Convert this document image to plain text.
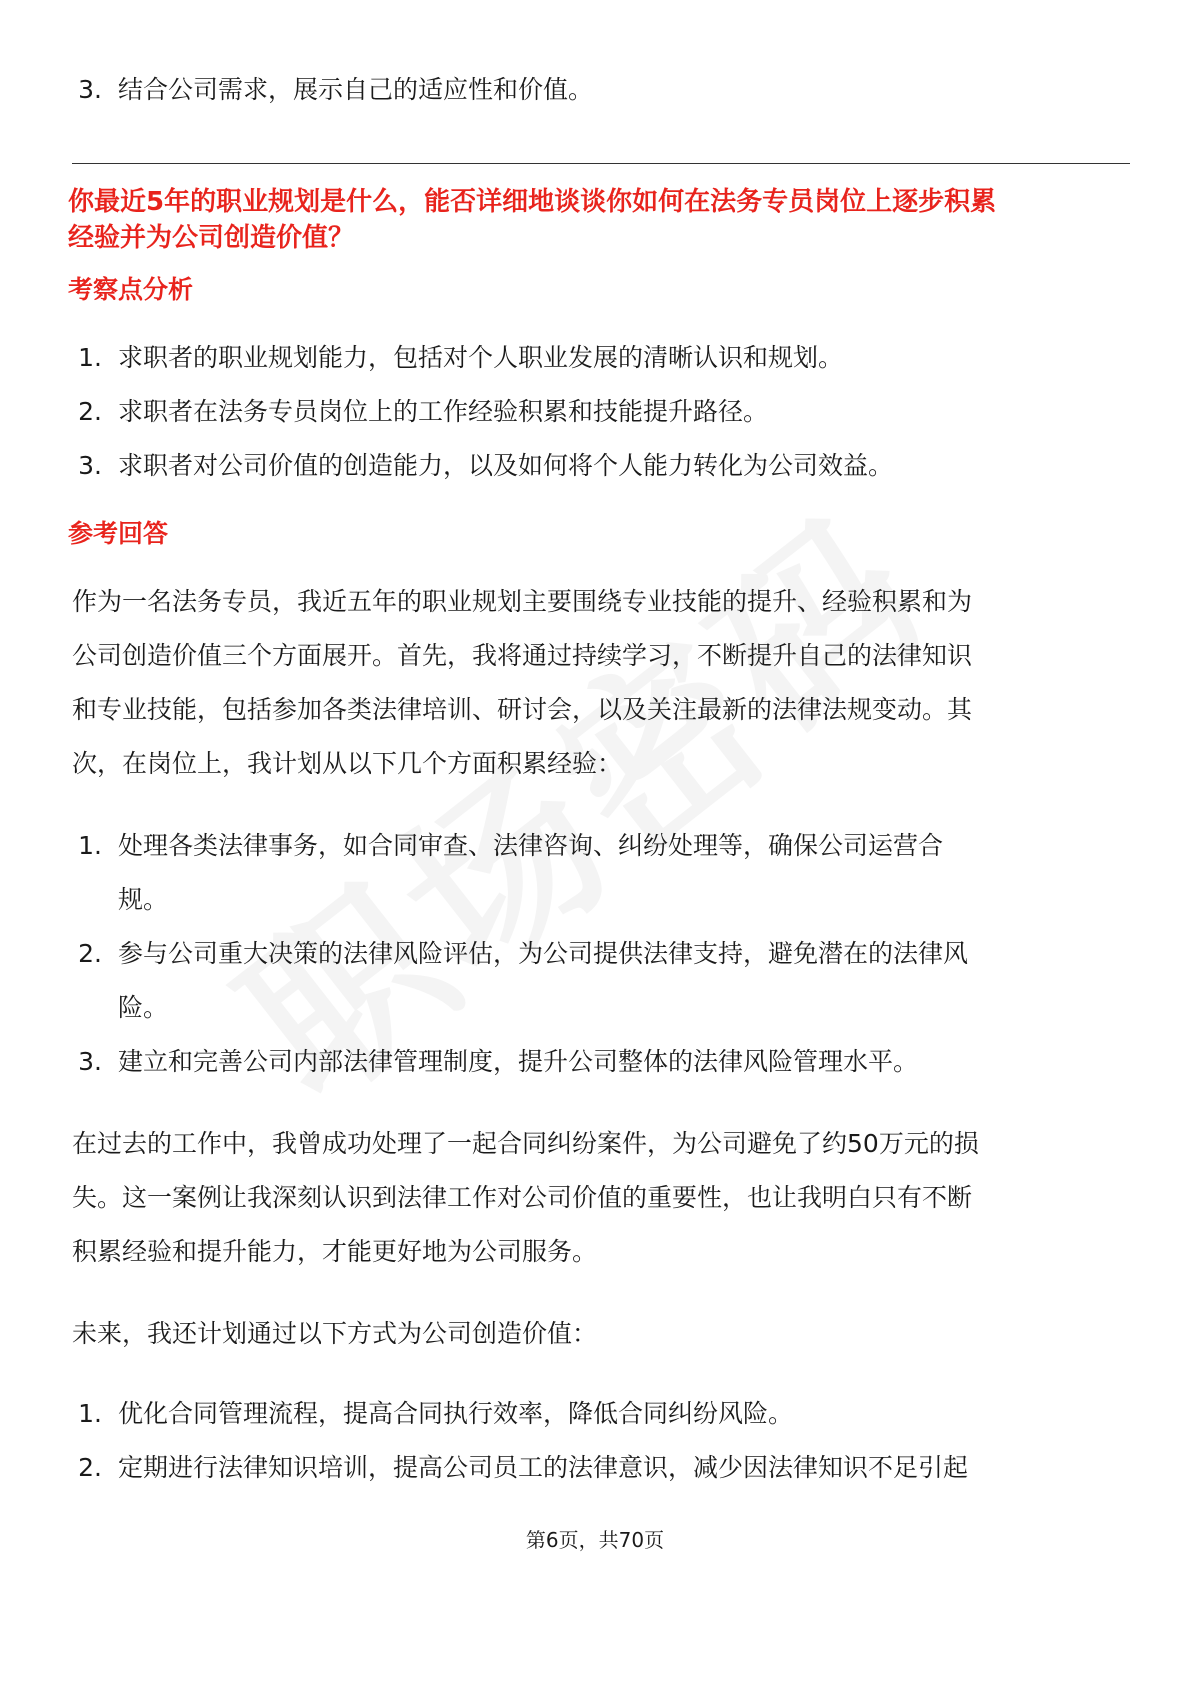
3. 结合公司需求，展示自己的适应性和价值。
你最近5年的职业规划是什么，能否详细地谈谈你如何在法务专员岗位上逐步积累
经验并为公司创造价值？
考察点分析
1. 求职者的职业规划能力，包括对个人职业发展的清晰认识和规划。
2. 求职者在法务专员岗位上的工作经验积累和技能提升路径。
3. 求职者对公司价值的创造能力，以及如何将个人能力转化为公司效益。
参考回答
作为一名法务专员，我近五年的职业规划主要围绕专业技能的提升、经验积累和为
公司创造价值三个方面展开。首先，我将通过持续学习，不断提升自己的法律知识
和专业技能，包括参加各类法律培训、研讨会，以及关注最新的法律法规变动。其
次，在岗位上，我计划从以下几个方面积累经验：
1. 处理各类法律事务，如合同审查、法律咨询、纠纷处理等，确保公司运营合
规。
2. 参与公司重大决策的法律风险评估，为公司提供法律支持，避免潜在的法律风
险。
3. 建立和完善公司内部法律管理制度，提升公司整体的法律风险管理水平。
在过去的工作中，我曾成功处理了一起合同纠纷案件，为公司避免了约50万元的损
失。这一案例让我深刻认识到法律工作对公司价值的重要性，也让我明白只有不断
积累经验和提升能力，才能更好地为公司服务。
未来，我还计划通过以下方式为公司创造价值：
1. 优化合同管理流程，提高合同执行效率，降低合同纠纷风险。
2. 定期进行法律知识培训，提高公司员工的法律意识，减少因法律知识不足引起
第6页，共70页
